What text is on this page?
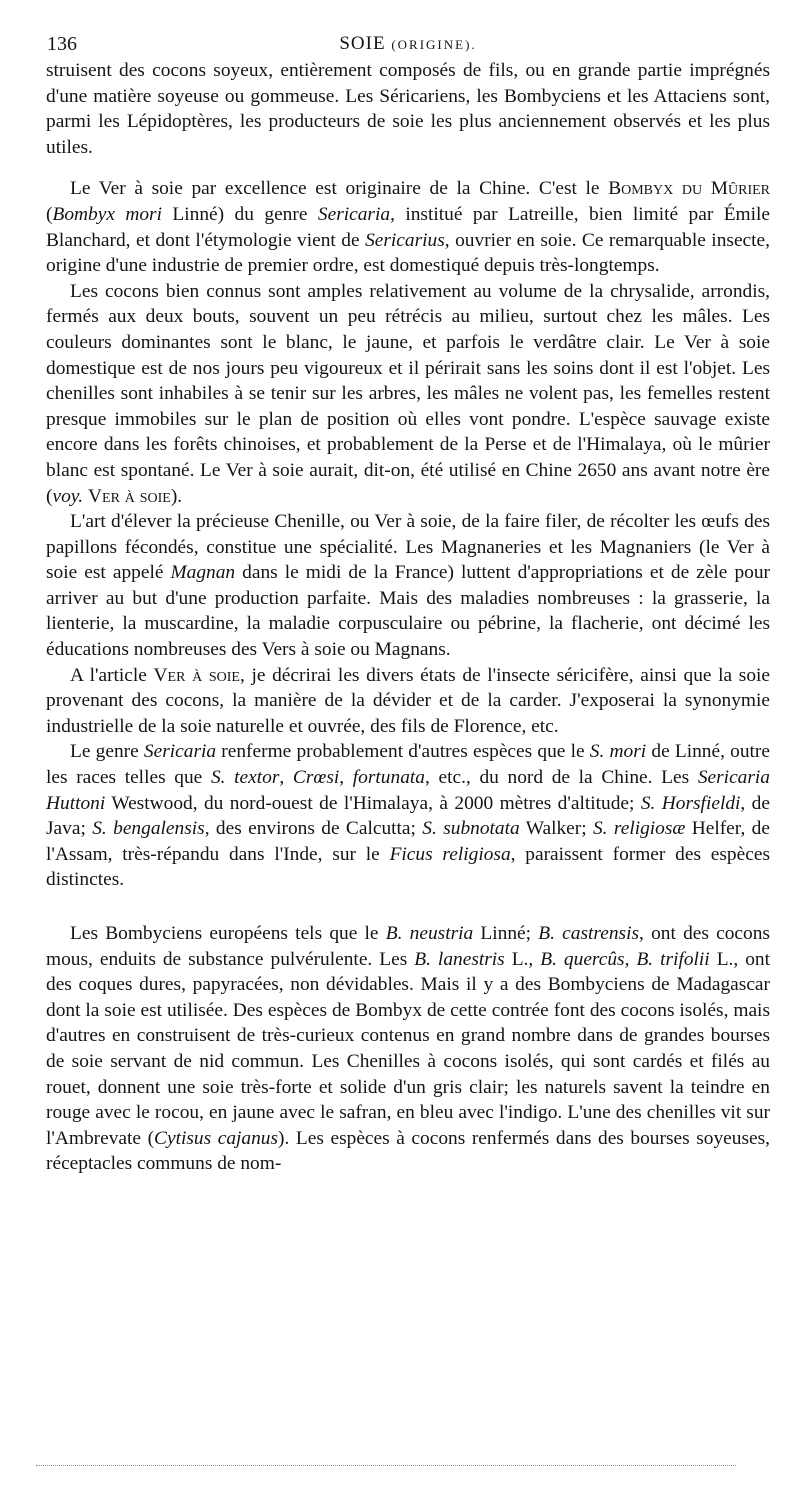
136	SOIE (ORIGINE).

struisent des cocons soyeux, entièrement composés de fils, ou en grande partie imprégnés d'une matière soyeuse ou gommeuse. Les Séricariens, les Bombyciens et les Attaciens sont, parmi les Lépidoptères, les producteurs de soie les plus anciennement observés et les plus utiles.

Le Ver à soie par excellence est originaire de la Chine. C'est le Bombyx du Mûrier (Bombyx mori Linné) du genre Sericaria, institué par Latreille, bien limité par Émile Blanchard, et dont l'étymologie vient de Sericarius, ouvrier en soie. Ce remarquable insecte, origine d'une industrie de premier ordre, est domestiqué depuis très-longtemps.

Les cocons bien connus sont amples relativement au volume de la chrysalide, arrondis, fermés aux deux bouts, souvent un peu rétrécis au milieu, surtout chez les mâles. Les couleurs dominantes sont le blanc, le jaune, et parfois le verdâtre clair. Le Ver à soie domestique est de nos jours peu vigoureux et il périrait sans les soins dont il est l'objet. Les chenilles sont inhabiles à se tenir sur les arbres, les mâles ne volent pas, les femelles restent presque immobiles sur le plan de position où elles vont pondre. L'espèce sauvage existe encore dans les forêts chinoises, et probablement de la Perse et de l'Himalaya, où le mûrier blanc est spontané. Le Ver à soie aurait, dit-on, été utilisé en Chine 2650 ans avant notre ère (voy. Ver à soie).

L'art d'élever la précieuse Chenille, ou Ver à soie, de la faire filer, de récolter les œufs des papillons fécondés, constitue une spécialité. Les Magnaneries et les Magnaniers (le Ver à soie est appelé Magnan dans le midi de la France) luttent d'appropriations et de zèle pour arriver au but d'une production parfaite. Mais des maladies nombreuses : la grasserie, la lienterie, la muscardine, la maladie corpusculaire ou pébrine, la flacherie, ont décimé les éducations nombreuses des Vers à soie ou Magnans.

A l'article Ver à soie, je décrirai les divers états de l'insecte séricifère, ainsi que la soie provenant des cocons, la manière de la dévider et de la carder. J'exposerai la synonymie industrielle de la soie naturelle et ouvrée, des fils de Florence, etc.

Le genre Sericaria renferme probablement d'autres espèces que le S. mori de Linné, outre les races telles que S. textor, Crœsi, fortunata, etc., du nord de la Chine. Les Sericaria Huttoni Westwood, du nord-ouest de l'Himalaya, à 2000 mètres d'altitude; S. Horsfieldi, de Java; S. bengalensis, des environs de Calcutta; S. subnotata Walker; S. religiosæ Helfer, de l'Assam, très-répandu dans l'Inde, sur le Ficus religiosa, paraissent former des espèces distinctes.

Les Bombyciens européens tels que le B. neustria Linné; B. castrensis, ont des cocons mous, enduits de substance pulvérulente. Les B. lanestris L., B. quercûs, B. trifolii L., ont des coques dures, papyracées, non dévidables. Mais il y a des Bombyciens de Madagascar dont la soie est utilisée. Des espèces de Bombyx de cette contrée font des cocons isolés, mais d'autres en construisent de très-curieux contenus en grand nombre dans de grandes bourses de soie servant de nid commun. Les Chenilles à cocons isolés, qui sont cardés et filés au rouet, donnent une soie très-forte et solide d'un gris clair; les naturels savent la teindre en rouge avec le rocou, en jaune avec le safran, en bleu avec l'indigo. L'une des chenilles vit sur l'Ambrevate (Cytisus cajanus). Les espèces à cocons renfermés dans des bourses soyeuses, réceptacles communs de nom-
